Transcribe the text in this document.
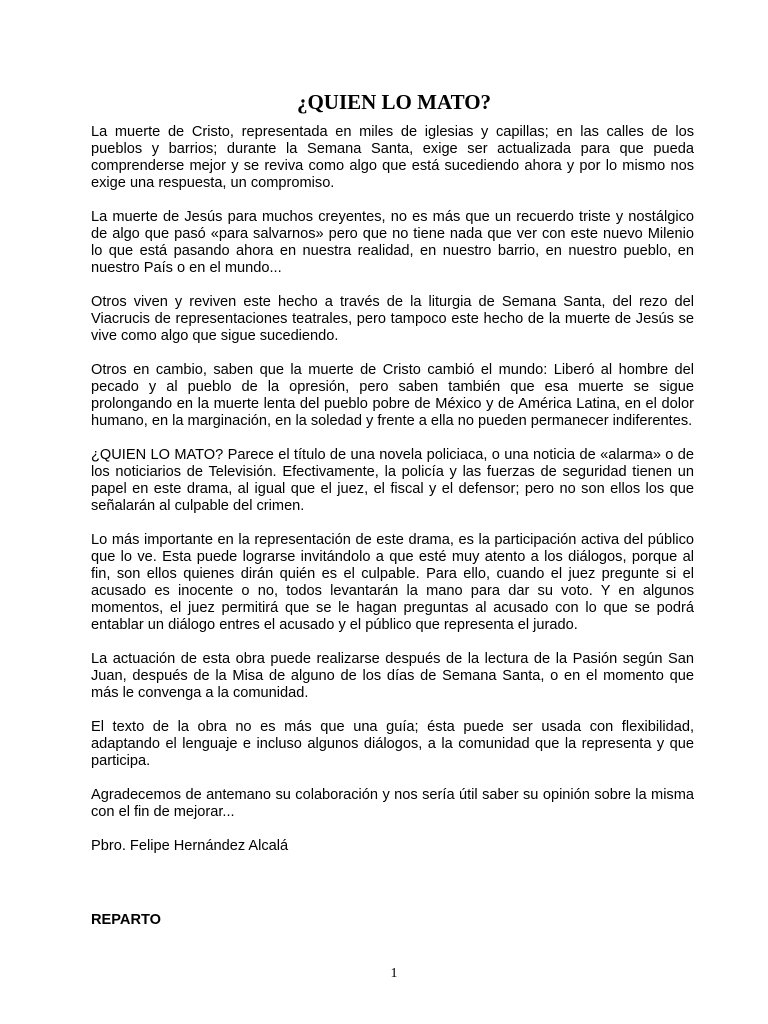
¿QUIEN LO MATO?

La muerte de Cristo, representada en miles de iglesias y capillas; en las calles de los pueblos y barrios; durante la Semana Santa, exige ser actualizada para que pueda comprenderse mejor y se reviva como algo que está sucediendo ahora y por lo mismo nos exige una respuesta, un compromiso.

La muerte de Jesús para muchos creyentes, no es más que un recuerdo triste y nostálgico de algo que pasó «para salvarnos» pero que no tiene nada que ver con este nuevo Milenio lo que está pasando ahora en nuestra realidad, en nuestro barrio, en nuestro pueblo, en nuestro País o en el mundo...

Otros viven y reviven este hecho a través de la liturgia de Semana Santa, del rezo del Viacrucis de representaciones teatrales, pero tampoco este hecho de la muerte de Jesús se vive como algo que sigue sucediendo.

Otros en cambio, saben que la muerte de Cristo cambió el mundo: Liberó al hombre del pecado y al pueblo de la opresión, pero saben también que esa muerte se sigue prolongando en la muerte lenta del pueblo pobre de México y de América Latina, en el dolor humano, en la marginación, en la soledad y frente a ella no pueden permanecer indiferentes.

¿QUIEN LO MATO? Parece el título de una novela policiaca, o una noticia de «alarma» o de los noticiarios de Televisión. Efectivamente, la policía y las fuerzas de seguridad tienen un papel en este drama, al igual que el juez, el fiscal y el defensor; pero no son ellos los que señalarán al culpable del crimen.

Lo más importante en la representación de este drama, es la participación activa del público que lo ve. Esta puede lograrse invitándolo a que esté muy atento a los diálogos, porque al fin, son ellos quienes dirán quién es el culpable. Para ello, cuando el juez pregunte si el acusado es inocente o no, todos levantarán la mano para dar su voto. Y en algunos momentos, el juez permitirá que se le hagan preguntas al acusado con lo que se podrá entablar un diálogo entres el acusado y el público que representa el jurado.

La actuación de esta obra puede realizarse después de la lectura de la Pasión según San Juan, después de la Misa de alguno de los días de Semana Santa, o en el momento que más le convenga a la comunidad.

El texto de la obra no es más que una guía; ésta puede ser usada con flexibilidad, adaptando el lenguaje e incluso algunos diálogos, a la comunidad que la representa y que participa.

Agradecemos de antemano su colaboración y nos sería útil saber su opinión sobre la misma con el fin de mejorar...

Pbro. Felipe Hernández Alcalá

REPARTO
1
